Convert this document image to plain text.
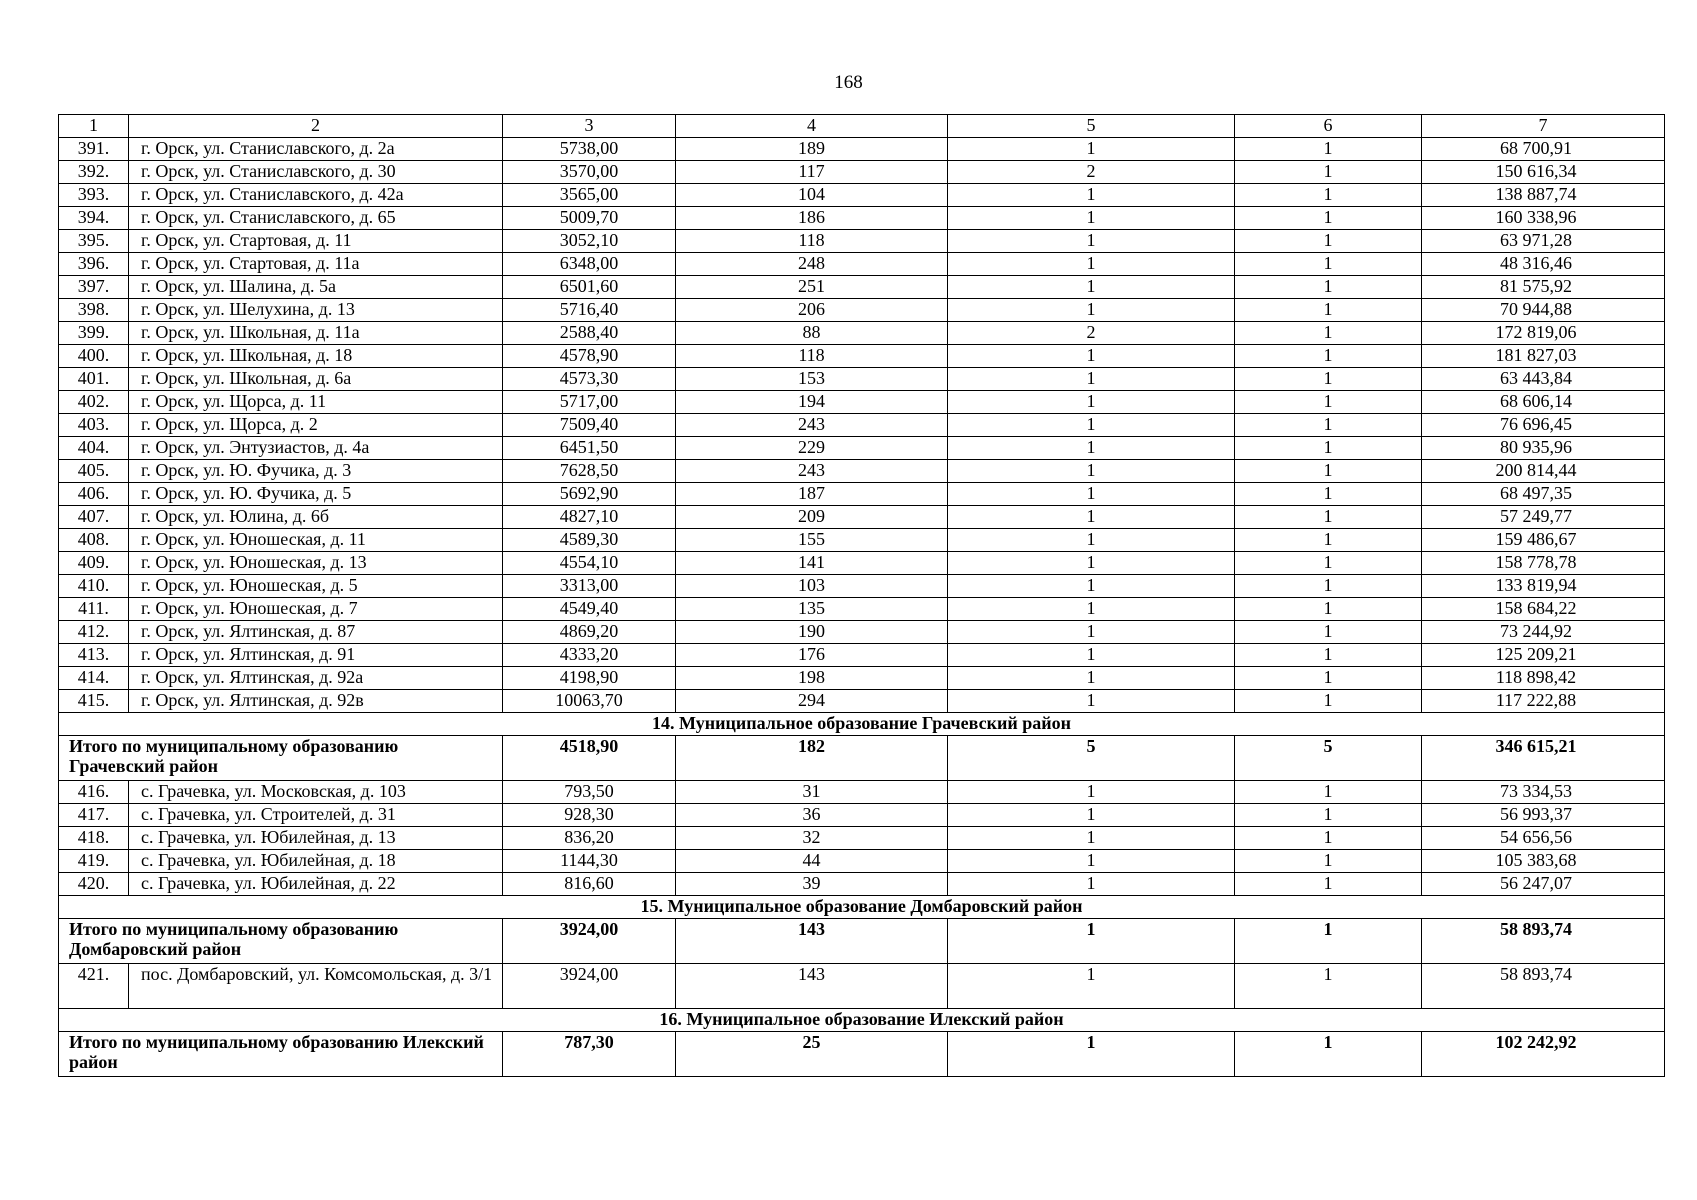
168
1	2	3	4	5	6	7
391.	г. Орск, ул. Станиславского, д. 2а	5738,00	189	1	1	68 700,91
392.	г. Орск, ул. Станиславского, д. 30	3570,00	117	2	1	150 616,34
393.	г. Орск, ул. Станиславского, д. 42а	3565,00	104	1	1	138 887,74
394.	г. Орск, ул. Станиславского, д. 65	5009,70	186	1	1	160 338,96
395.	г. Орск, ул. Стартовая, д. 11	3052,10	118	1	1	63 971,28
396.	г. Орск, ул. Стартовая, д. 11а	6348,00	248	1	1	48 316,46
397.	г. Орск, ул. Шалина, д. 5а	6501,60	251	1	1	81 575,92
398.	г. Орск, ул. Шелухина, д. 13	5716,40	206	1	1	70 944,88
399.	г. Орск, ул. Школьная, д. 11а	2588,40	88	2	1	172 819,06
400.	г. Орск, ул. Школьная, д. 18	4578,90	118	1	1	181 827,03
401.	г. Орск, ул. Школьная, д. 6а	4573,30	153	1	1	63 443,84
402.	г. Орск, ул. Щорса, д. 11	5717,00	194	1	1	68 606,14
403.	г. Орск, ул. Щорса, д. 2	7509,40	243	1	1	76 696,45
404.	г. Орск, ул. Энтузиастов, д. 4а	6451,50	229	1	1	80 935,96
405.	г. Орск, ул. Ю. Фучика, д. 3	7628,50	243	1	1	200 814,44
406.	г. Орск, ул. Ю. Фучика, д. 5	5692,90	187	1	1	68 497,35
407.	г. Орск, ул. Юлина, д. 6б	4827,10	209	1	1	57 249,77
408.	г. Орск, ул. Юношеская, д. 11	4589,30	155	1	1	159 486,67
409.	г. Орск, ул. Юношеская, д. 13	4554,10	141	1	1	158 778,78
410.	г. Орск, ул. Юношеская, д. 5	3313,00	103	1	1	133 819,94
411.	г. Орск, ул. Юношеская, д. 7	4549,40	135	1	1	158 684,22
412.	г. Орск, ул. Ялтинская, д. 87	4869,20	190	1	1	73 244,92
413.	г. Орск, ул. Ялтинская, д. 91	4333,20	176	1	1	125 209,21
414.	г. Орск, ул. Ялтинская, д. 92а	4198,90	198	1	1	118 898,42
415.	г. Орск, ул. Ялтинская, д. 92в	10063,70	294	1	1	117 222,88
14. Муниципальное образование Грачевский район						
Итого по муниципальному образованию Грачевский район		4518,90	182	5	5	346 615,21
416.	с. Грачевка, ул. Московская, д. 103	793,50	31	1	1	73 334,53
417.	с. Грачевка, ул. Строителей, д. 31	928,30	36	1	1	56 993,37
418.	с. Грачевка, ул. Юбилейная, д. 13	836,20	32	1	1	54 656,56
419.	с. Грачевка, ул. Юбилейная, д. 18	1144,30	44	1	1	105 383,68
420.	с. Грачевка, ул. Юбилейная, д. 22	816,60	39	1	1	56 247,07
15. Муниципальное образование Домбаровский район						
Итого по муниципальному образованию Домбаровский район		3924,00	143	1	1	58 893,74
421.	пос. Домбаровский, ул. Комсомольская, д. 3/1	3924,00	143	1	1	58 893,74
16. Муниципальное образование Илекский район						
Итого по муниципальному образованию Илекский район		787,30	25	1	1	102 242,92
